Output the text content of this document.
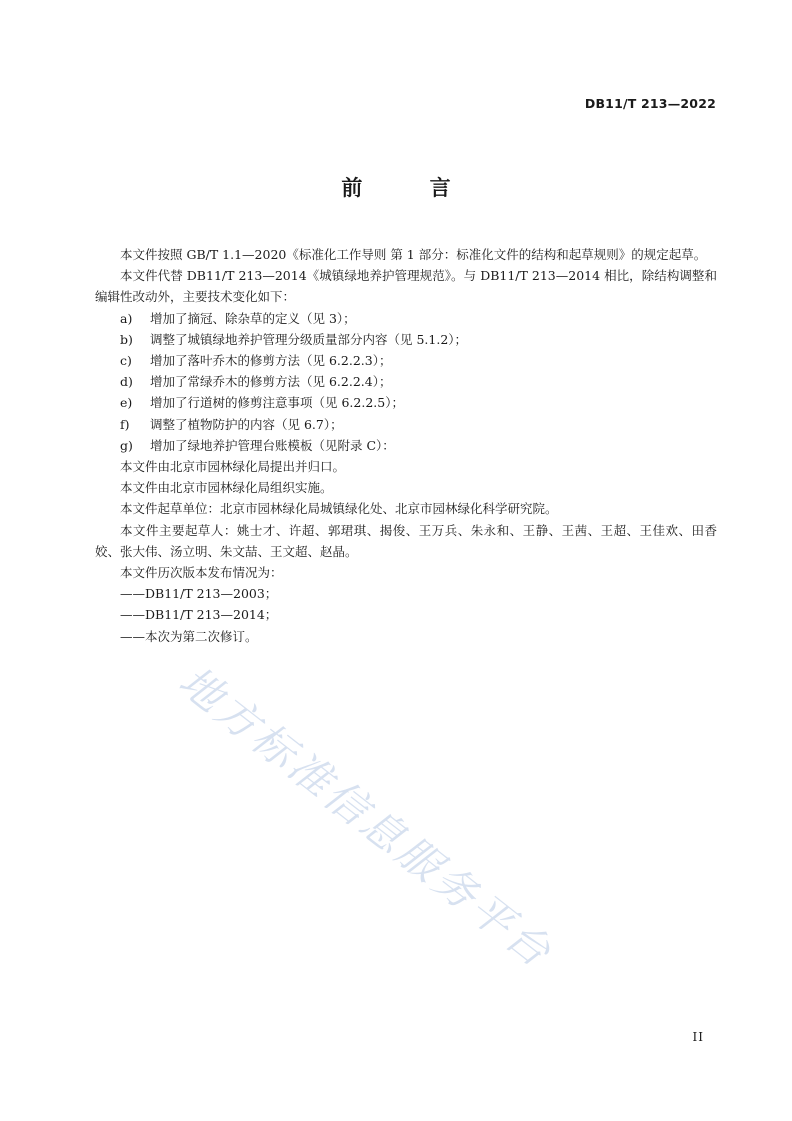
DB11/T 213—2022
前 言

本文件按照 GB/T 1.1—2020《标准化工作导则 第 1 部分：标准化文件的结构和起草规则》的规定起草。

本文件代替 DB11/T 213—2014《城镇绿地养护管理规范》。与 DB11/T 213—2014 相比，除结构调整和编辑性改动外，主要技术变化如下：

a)	增加了摘冠、除杂草的定义（见 3）；
b)	调整了城镇绿地养护管理分级质量部分内容（见 5.1.2）；
c)	增加了落叶乔木的修剪方法（见 6.2.2.3）；
d)	增加了常绿乔木的修剪方法（见 6.2.2.4）；
e)	增加了行道树的修剪注意事项（见 6.2.2.5）；
f)	调整了植物防护的内容（见 6.7）；
g)	增加了绿地养护管理台账模板（见附录 C）：

本文件由北京市园林绿化局提出并归口。

本文件由北京市园林绿化局组织实施。

本文件起草单位：北京市园林绿化局城镇绿化处、北京市园林绿化科学研究院。

本文件主要起草人：姚士才、许超、郭珺琪、揭俊、王万兵、朱永和、王静、王茜、王超、王佳欢、田香姣、张大伟、汤立明、朱文喆、王文超、赵晶。

本文件历次版本发布情况为：

——DB11/T 213—2003；

——DB11/T 213—2014；

——本次为第二次修订。

地方标准信息服务平台
II
